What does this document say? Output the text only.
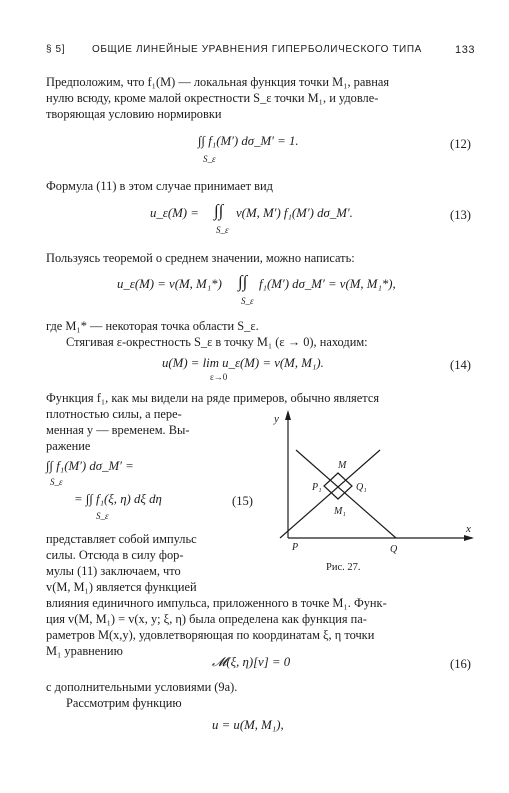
§ 5]	ОБЩИЕ ЛИНЕЙНЫЕ УРАВНЕНИЯ ГИПЕРБОЛИЧЕСКОГО ТИПА	133
Предположим, что f₁(M) — локальная функция точки M₁, равная
нулю всюду, кроме малой окрестности S_ε точки M₁, и удовле-
творяющая условию нормировки
∫∫ f₁(M′) dσ_M′ = 1.
S_ε
(12)
Формула (11) в этом случае принимает вид
u_ε(M) = ∫∫ v(M, M′) f₁(M′) dσ_M′.
S_ε
(13)
Пользуясь теоремой о среднем значении, можно написать:
u_ε(M) = v(M, M₁*) ∫∫ f₁(M′) dσ_M′ = v(M, M₁*),
S_ε
где M₁* — некоторая точка области S_ε.
Стягивая ε-окрестность S_ε в точку M₁ (ε → 0), находим:
u(M) = lim u_ε(M) = v(M, M₁).
ε→0
(14)
Функция f₁, как мы видели на ряде примеров, обычно является
плотностью силы, а пере-
менная y — временем. Вы-
ражение
∫∫ f₁(M′) dσ_M′ =
S_ε
= ∫∫ f₁(ξ, η) dξ dη
S_ε
(15)
y
x
M
M₁
P₁	Q₁
P	Q
Рис. 27.
представляет собой импульс
силы. Отсюда в силу фор-
мулы (11) заключаем, что
v(M, M₁) является функцией
влияния единичного импульса, приложенного в точке M₁. Функ-
ция v(M, M₁) = v(x, y; ξ, η) была определена как функция па-
раметров M(x,y), удовлетворяющая по координатам ξ, η точки
M₁ уравнению
𝓜(ξ, η)[v] = 0	(16)
с дополнительными условиями (9а).
Рассмотрим функцию
u = u(M, M₁),
